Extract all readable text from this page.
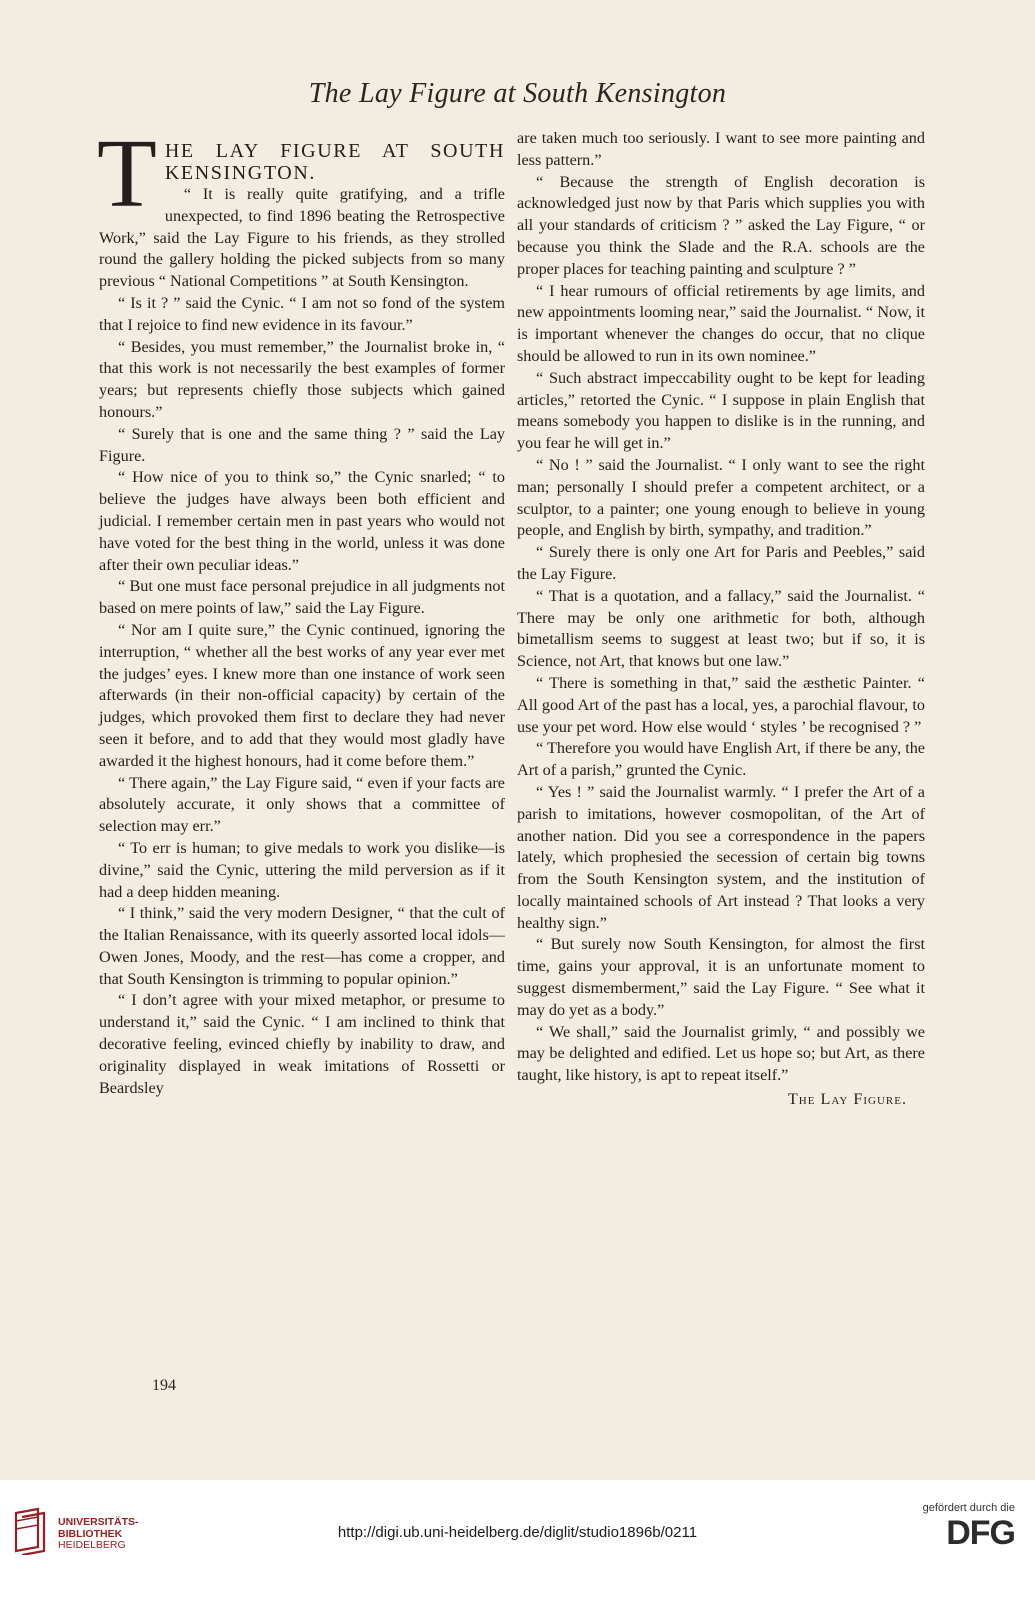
The Lay Figure at South Kensington
T HE LAY FIGURE AT SOUTH KENSINGTON.

“ It is really quite gratifying, and a trifle unexpected, to find 1896 beating the Retrospective Work,” said the Lay Figure to his friends, as they strolled round the gallery holding the picked subjects from so many previous “ National Competitions ” at South Kensington.

“ Is it ? ” said the Cynic. “ I am not so fond of the system that I rejoice to find new evidence in its favour.”

“ Besides, you must remember,” the Journalist broke in, “ that this work is not necessarily the best examples of former years; but represents chiefly those subjects which gained honours.”

“ Surely that is one and the same thing ? ” said the Lay Figure.

“ How nice of you to think so,” the Cynic snarled; “ to believe the judges have always been both efficient and judicial. I remember certain men in past years who would not have voted for the best thing in the world, unless it was done after their own peculiar ideas.”

“ But one must face personal prejudice in all judgments not based on mere points of law,” said the Lay Figure.

“ Nor am I quite sure,” the Cynic continued, ignoring the interruption, “ whether all the best works of any year ever met the judges’ eyes. I knew more than one instance of work seen afterwards (in their non-official capacity) by certain of the judges, which provoked them first to declare they had never seen it before, and to add that they would most gladly have awarded it the highest honours, had it come before them.”

“ There again,” the Lay Figure said, “ even if your facts are absolutely accurate, it only shows that a committee of selection may err.”

“ To err is human; to give medals to work you dislike—is divine,” said the Cynic, uttering the mild perversion as if it had a deep hidden meaning.

“ I think,” said the very modern Designer, “ that the cult of the Italian Renaissance, with its queerly assorted local idols—Owen Jones, Moody, and the rest—has come a cropper, and that South Kensington is trimming to popular opinion.”

“ I don’t agree with your mixed metaphor, or presume to understand it,” said the Cynic. “ I am inclined to think that decorative feeling, evinced chiefly by inability to draw, and originality displayed in weak imitations of Rossetti or Beardsley

are taken much too seriously. I want to see more painting and less pattern.”

“ Because the strength of English decoration is acknowledged just now by that Paris which supplies you with all your standards of criticism ? ” asked the Lay Figure, “ or because you think the Slade and the R.A. schools are the proper places for teaching painting and sculpture ? ”

“ I hear rumours of official retirements by age limits, and new appointments looming near,” said the Journalist. “ Now, it is important whenever the changes do occur, that no clique should be allowed to run in its own nominee.”

“ Such abstract impeccability ought to be kept for leading articles,” retorted the Cynic. “ I suppose in plain English that means somebody you happen to dislike is in the running, and you fear he will get in.”

“ No ! ” said the Journalist. “ I only want to see the right man; personally I should prefer a competent architect, or a sculptor, to a painter; one young enough to believe in young people, and English by birth, sympathy, and tradition.”

“ Surely there is only one Art for Paris and Peebles,” said the Lay Figure.

“ That is a quotation, and a fallacy,” said the Journalist. “ There may be only one arithmetic for both, although bimetallism seems to suggest at least two; but if so, it is Science, not Art, that knows but one law.”

“ There is something in that,” said the æsthetic Painter. “ All good Art of the past has a local, yes, a parochial flavour, to use your pet word. How else would ‘ styles ’ be recognised ? ”

“ Therefore you would have English Art, if there be any, the Art of a parish,” grunted the Cynic.

“ Yes ! ” said the Journalist warmly. “ I prefer the Art of a parish to imitations, however cosmopolitan, of the Art of another nation. Did you see a correspondence in the papers lately, which prophesied the secession of certain big towns from the South Kensington system, and the institution of locally maintained schools of Art instead ? That looks a very healthy sign.”

“ But surely now South Kensington, for almost the first time, gains your approval, it is an unfortunate moment to suggest dismemberment,” said the Lay Figure. “ See what it may do yet as a body.”

“ We shall,” said the Journalist grimly, “ and possibly we may be delighted and edified. Let us hope so; but Art, as there taught, like history, is apt to repeat itself.”

The Lay Figure.
194
UNIVERSITÄTS-
BIBLIOTHEK
HEIDELBERG
http://digi.ub.uni-heidelberg.de/diglit/studio1896b/0211
gefördert durch die
DFG
